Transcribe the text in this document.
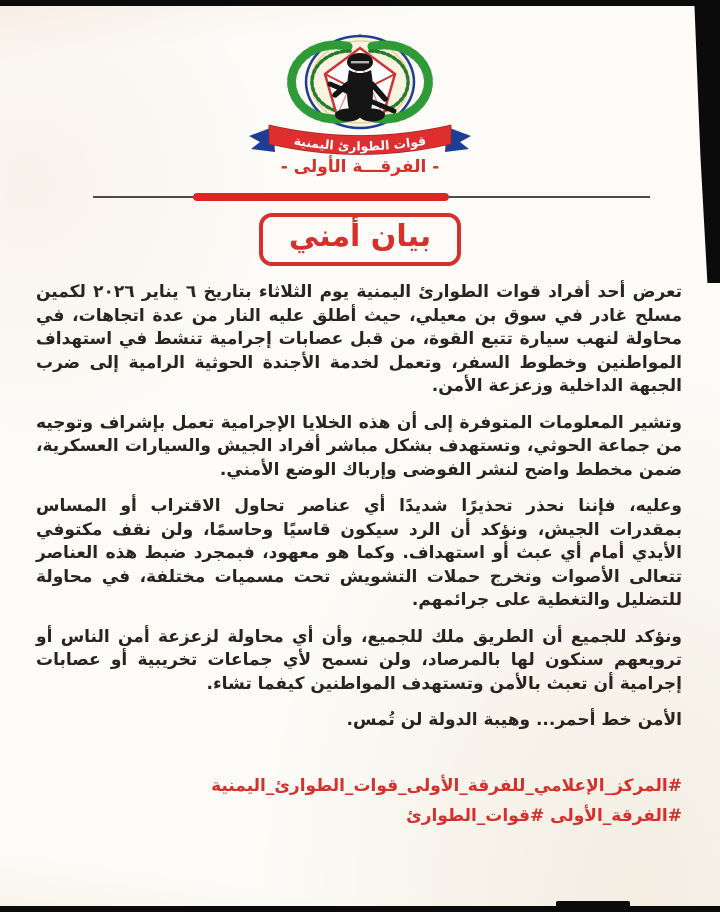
قوات الطوارئ اليمنية
- الفرقـــة الأولى -
بيان أمني

تعرض أحد أفراد قوات الطوارئ اليمنية يوم الثلاثاء بتاريخ ٦ يناير ٢٠٢٦ لكمين مسلح غادر في سوق بن معيلي، حيث أطلق عليه النار من عدة اتجاهات، في محاولة لنهب سيارة تتبع القوة، من قبل عصابات إجرامية تنشط في استهداف المواطنين وخطوط السفر، وتعمل لخدمة الأجندة الحوثية الرامية إلى ضرب الجبهة الداخلية وزعزعة الأمن.

وتشير المعلومات المتوفرة إلى أن هذه الخلايا الإجرامية تعمل بإشراف وتوجيه من جماعة الحوثي، وتستهدف بشكل مباشر أفراد الجيش والسيارات العسكرية، ضمن مخطط واضح لنشر الفوضى وإرباك الوضع الأمني.

وعليه، فإننا نحذر تحذيرًا شديدًا أي عناصر تحاول الاقتراب أو المساس بمقدرات الجيش، ونؤكد أن الرد سيكون قاسيًا وحاسمًا، ولن نقف مكتوفي الأيدي أمام أي عبث أو استهداف. وكما هو معهود، فبمجرد ضبط هذه العناصر تتعالى الأصوات وتخرج حملات التشويش تحت مسميات مختلفة، في محاولة للتضليل والتغطية على جرائمهم.

ونؤكد للجميع أن الطريق ملك للجميع، وأن أي محاولة لزعزعة أمن الناس أو ترويعهم سنكون لها بالمرصاد، ولن نسمح لأي جماعات تخريبية أو عصابات إجرامية أن تعبث بالأمن وتستهدف المواطنين كيفما تشاء.

الأمن خط أحمر... وهيبة الدولة لن تُمس.

#المركز_الإعلامي_للفرقة_الأولى_قوات_الطوارئ_اليمنية
#الفرقة_الأولى #قوات_الطوارئ
